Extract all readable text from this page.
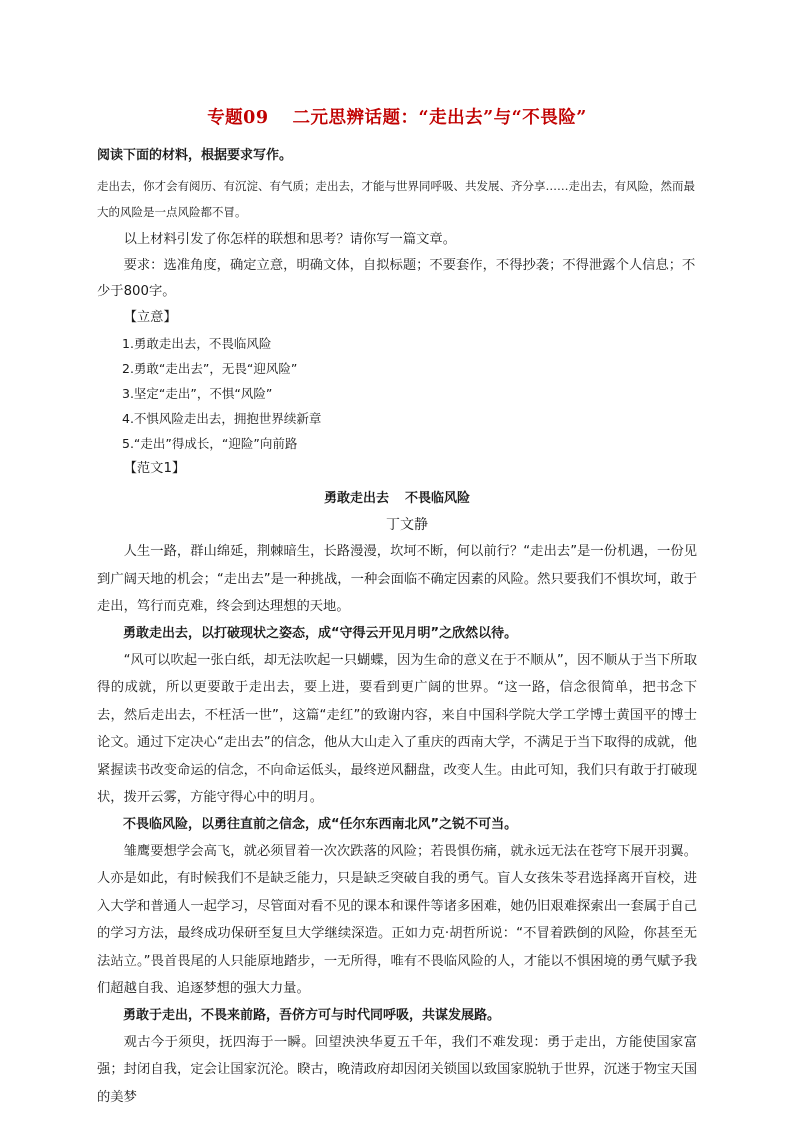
专题09 二元思辨话题：“走出去”与“不畏险”

阅读下面的材料，根据要求写作。

走出去，你才会有阅历、有沉淀、有气质；走出去，才能与世界同呼吸、共发展、齐分享……走出去，有风险，然而最大的风险是一点风险都不冒。

以上材料引发了你怎样的联想和思考？请你写一篇文章。

要求：选准角度，确定立意，明确文体，自拟标题；不要套作，不得抄袭；不得泄露个人信息；不少于800字。

【立意】

1.勇敢走出去，不畏临风险

2.勇敢“走出去”，无畏“迎风险”

3.坚定“走出”，不惧“风险”

4.不惧风险走出去，拥抱世界续新章

5.“走出”得成长，“迎险”向前路

【范文1】

勇敢走出去 不畏临风险

丁文静

人生一路，群山绵延，荆棘暗生，长路漫漫，坎坷不断，何以前行？“走出去”是一份机遇，一份见到广阔天地的机会；“走出去”是一种挑战，一种会面临不确定因素的风险。然只要我们不惧坎坷，敢于走出，笃行而克难，终会到达理想的天地。

勇敢走出去，以打破现状之姿态，成“守得云开见月明”之欣然以待。

“风可以吹起一张白纸，却无法吹起一只蝴蝶，因为生命的意义在于不顺从”，因不顺从于当下所取得的成就，所以更要敢于走出去，要上进，要看到更广阔的世界。“这一路，信念很简单，把书念下去，然后走出去，不枉活一世”，这篇“走红”的致谢内容，来自中国科学院大学工学博士黄国平的博士论文。通过下定决心“走出去”的信念，他从大山走入了重庆的西南大学，不满足于当下取得的成就，他紧握读书改变命运的信念，不向命运低头，最终逆风翻盘，改变人生。由此可知，我们只有敢于打破现状，拨开云雾，方能守得心中的明月。

不畏临风险，以勇往直前之信念，成“任尔东西南北风”之锐不可当。

雏鹰要想学会高飞，就必须冒着一次次跌落的风险；若畏惧伤痛，就永远无法在苍穹下展开羽翼。人亦是如此，有时候我们不是缺乏能力，只是缺乏突破自我的勇气。盲人女孩朱苓君选择离开盲校，进入大学和普通人一起学习，尽管面对看不见的课本和课件等诸多困难，她仍旧艰难探索出一套属于自己的学习方法，最终成功保研至复旦大学继续深造。正如力克·胡哲所说：“不冒着跌倒的风险，你甚至无法站立。”畏首畏尾的人只能原地踏步，一无所得，唯有不畏临风险的人，才能以不惧困境的勇气赋予我们超越自我、追逐梦想的强大力量。

勇敢于走出，不畏来前路，吾侪方可与时代同呼吸，共谋发展路。

观古今于须臾，抚四海于一瞬。回望泱泱华夏五千年，我们不难发现：勇于走出，方能使国家富强；封闭自我，定会让国家沉沦。睽古，晚清政府却因闭关锁国以致国家脱轨于世界，沉迷于物宝天国的美梦
